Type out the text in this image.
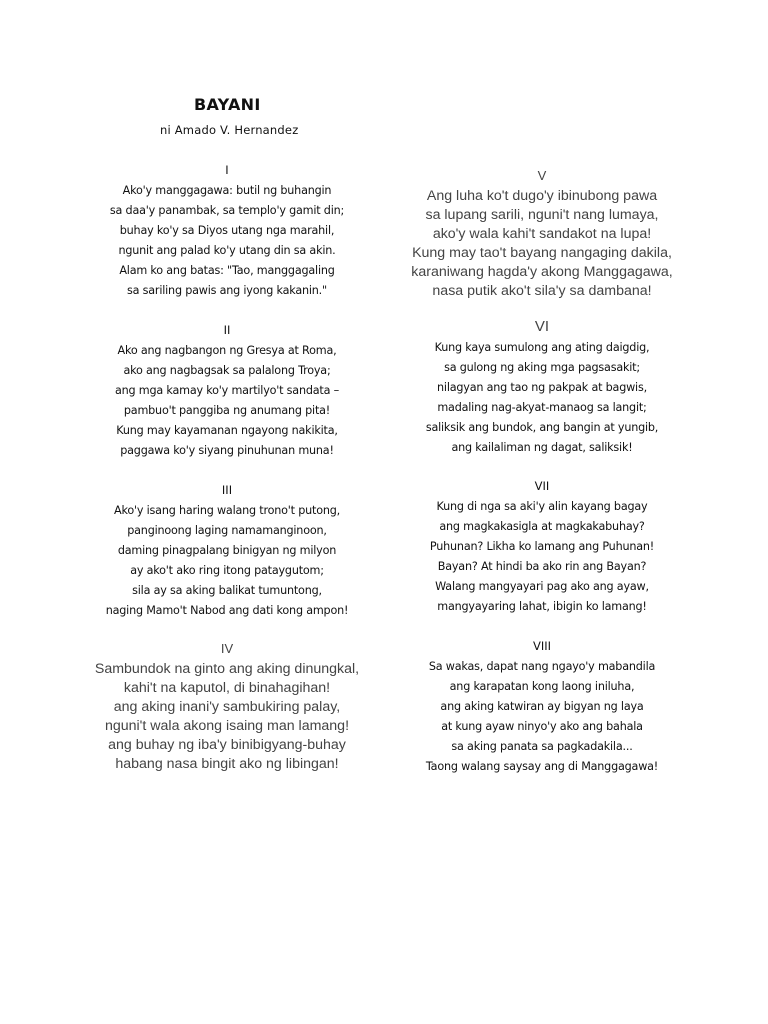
BAYANI
ni Amado V. Hernandez
I
Ako'y manggagawa: butil ng buhangin
sa daa'y panambak, sa templo'y gamit din;
buhay ko'y sa Diyos utang nga marahil,
ngunit ang palad ko'y utang din sa akin.
Alam ko ang batas: "Tao, manggagaling
sa sariling pawis ang iyong kakanin."
II
Ako ang nagbangon ng Gresya at Roma,
ako ang nagbagsak sa palalong Troya;
ang mga kamay ko'y martilyo't sandata –
pambuo't panggiba ng anumang pita!
Kung may kayamanan ngayong nakikita,
paggawa ko'y siyang pinuhunan muna!
III
Ako'y isang haring walang trono't putong,
panginoong laging namamanginoon,
daming pinagpalang binigyan ng milyon
ay ako't ako ring itong pataygutom;
sila ay sa aking balikat tumuntong,
naging Mamo't Nabod ang dati kong ampon!
IV
Sambundok na ginto ang aking dinungkal,
kahi't na kaputol, di binahagihan!
ang aking inani'y sambukiring palay,
nguni't wala akong isaing man lamang!
ang buhay ng iba'y binibigyang-buhay
habang nasa bingit ako ng libingan!
V
Ang luha ko't dugo'y ibinubong pawa
sa lupang sarili, nguni't nang lumaya,
ako'y wala kahi't sandakot na lupa!
Kung may tao't bayang nangaging dakila,
karaniwang hagda'y akong Manggagawa,
nasa putik ako't sila'y sa dambana!
VI
Kung kaya sumulong ang ating daigdig,
sa gulong ng aking mga pagsasakit;
nilagyan ang tao ng pakpak at bagwis,
madaling nag-akyat-manaog sa langit;
saliksik ang bundok, ang bangin at yungib,
ang kailaliman ng dagat, saliksik!
VII
Kung di nga sa aki'y alin kayang bagay
ang magkakasigla at magkakabuhay?
Puhunan? Likha ko lamang ang Puhunan!
Bayan? At hindi ba ako rin ang Bayan?
Walang mangyayari pag ako ang ayaw,
mangyayaring lahat, ibigin ko lamang!
VIII
Sa wakas, dapat nang ngayo'y mabandila
ang karapatan kong laong iniluha,
ang aking katwiran ay bigyan ng laya
at kung ayaw ninyo'y ako ang bahala
sa aking panata sa pagkadakila...
Taong walang saysay ang di Manggagawa!
